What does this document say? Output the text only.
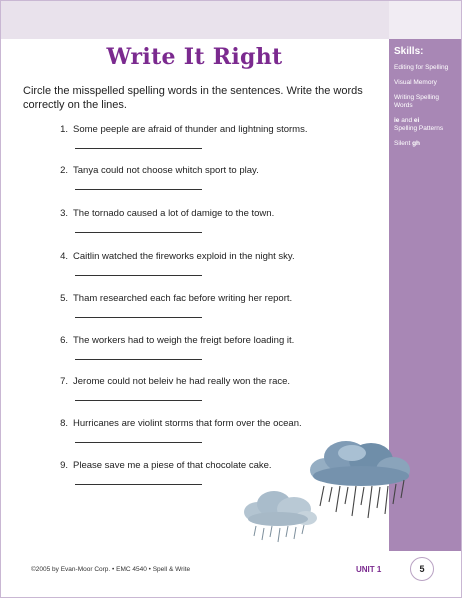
Skills:
Editing for Spelling
Visual Memory
Writing Spelling Words
ie and ei
Spelling Patterns
Silent gh
Write It Right
Circle the misspelled spelling words in the sentences. Write the words correctly on the lines.
1. Some peeple are afraid of thunder and lightning storms.
2. Tanya could not choose whitch sport to play.
3. The tornado caused a lot of damige to the town.
4. Caitlin watched the fireworks exploid in the night sky.
5. Tham researched each fac before writing her report.
6. The workers had to weigh the freigt before loading it.
7. Jerome could not beleiv he had really won the race.
8. Hurricanes are violint storms that form over the ocean.
9. Please save me a piese of that chocolate cake.
©2005 by Evan-Moor Corp. • EMC 4540 • Spell & Write	UNIT 1	5
